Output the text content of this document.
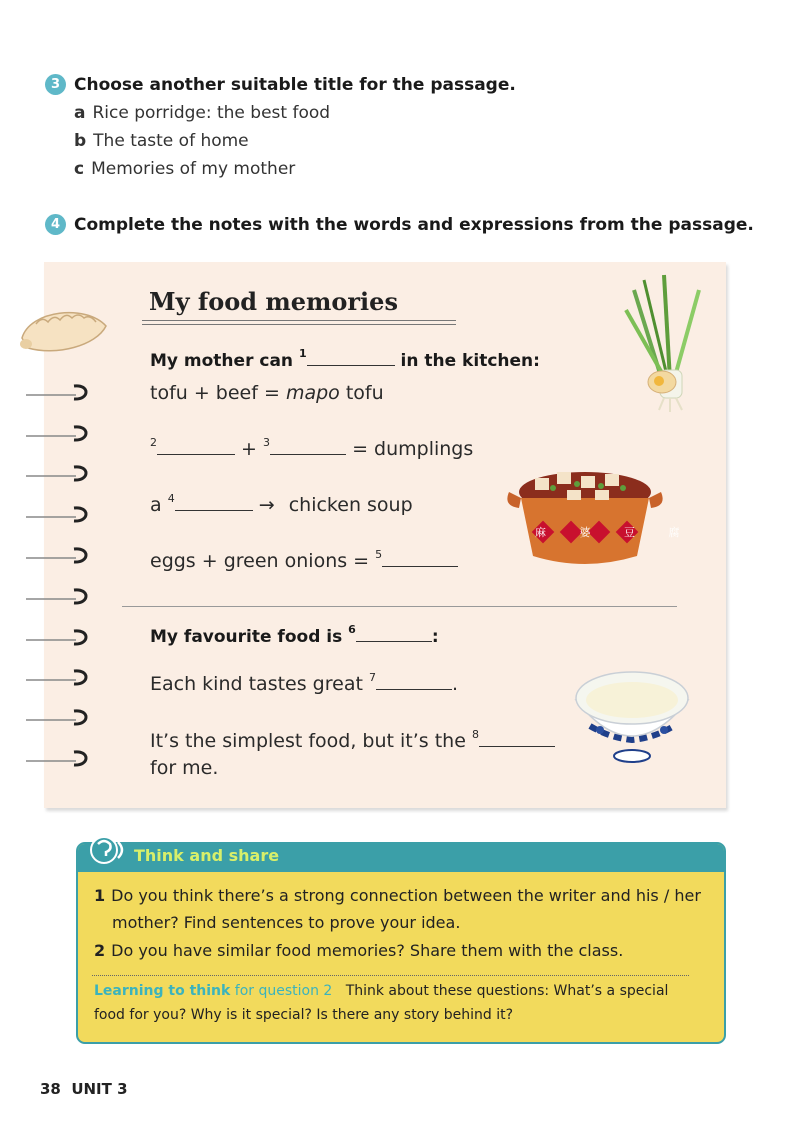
3 Choose another suitable title for the passage.
a Rice porridge: the best food
b The taste of home
c Memories of my mother
4 Complete the notes with the words and expressions from the passage.
麻 婆 豆 腐
My food memories
My mother can $^1$	in the kitchen:
tofu + beef = mapo tofu
$^2$	+ $^3$	= dumplings
a $^4$	→ chicken soup
eggs + green onions = $^5$
My favourite food is $^6$	:
Each kind tastes great $^7$	.
It’s the simplest food, but it’s the $^8$
for me.
Think and share
1 Do you think there’s a strong connection between the writer and his / her
mother? Find sentences to prove your idea.
2 Do you have similar food memories? Share them with the class.
Learning to think for question 2 Think about these questions: What’s a special
food for you? Why is it special? Is there any story behind it?
38 UNIT 3
